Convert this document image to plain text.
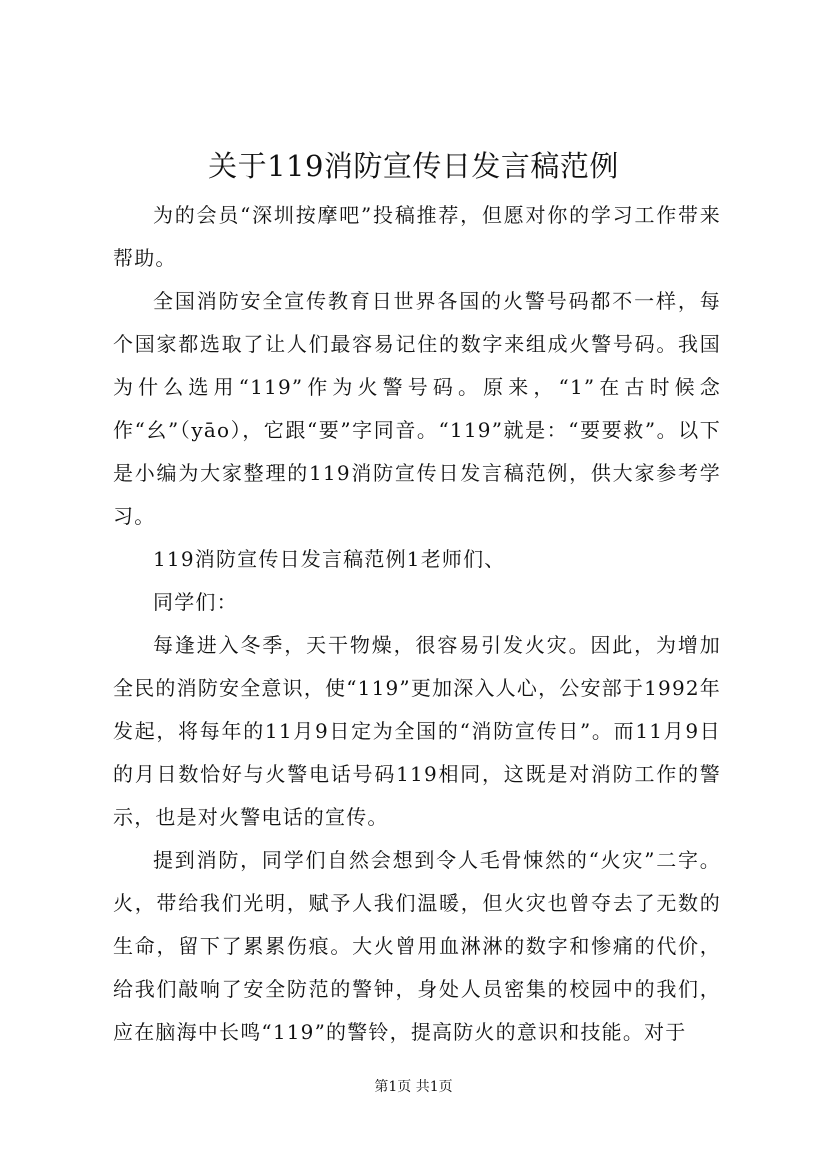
关于119消防宣传日发言稿范例

为的会员“深圳按摩吧”投稿推荐，但愿对你的学习工作带来帮助。

全国消防安全宣传教育日世界各国的火警号码都不一样，每个国家都选取了让人们最容易记住的数字来组成火警号码。我国为什么选用“119”作为火警号码。原来，“1”在古时候念作“幺”（yāo），它跟“要”字同音。“119”就是：“要要救”。以下是小编为大家整理的119消防宣传日发言稿范例，供大家参考学习。

119消防宣传日发言稿范例1老师们、

同学们：

每逢进入冬季，天干物燥，很容易引发火灾。因此，为增加全民的消防安全意识，使“119”更加深入人心，公安部于1992年发起，将每年的11月9日定为全国的“消防宣传日”。而11月9日的月日数恰好与火警电话号码119相同，这既是对消防工作的警示，也是对火警电话的宣传。

提到消防，同学们自然会想到令人毛骨悚然的“火灾”二字。火，带给我们光明，赋予人我们温暖，但火灾也曾夺去了无数的生命，留下了累累伤痕。大火曾用血淋淋的数字和惨痛的代价，给我们敲响了安全防范的警钟，身处人员密集的校园中的我们，应在脑海中长鸣“119”的警铃，提高防火的意识和技能。对于

第1页 共1页
